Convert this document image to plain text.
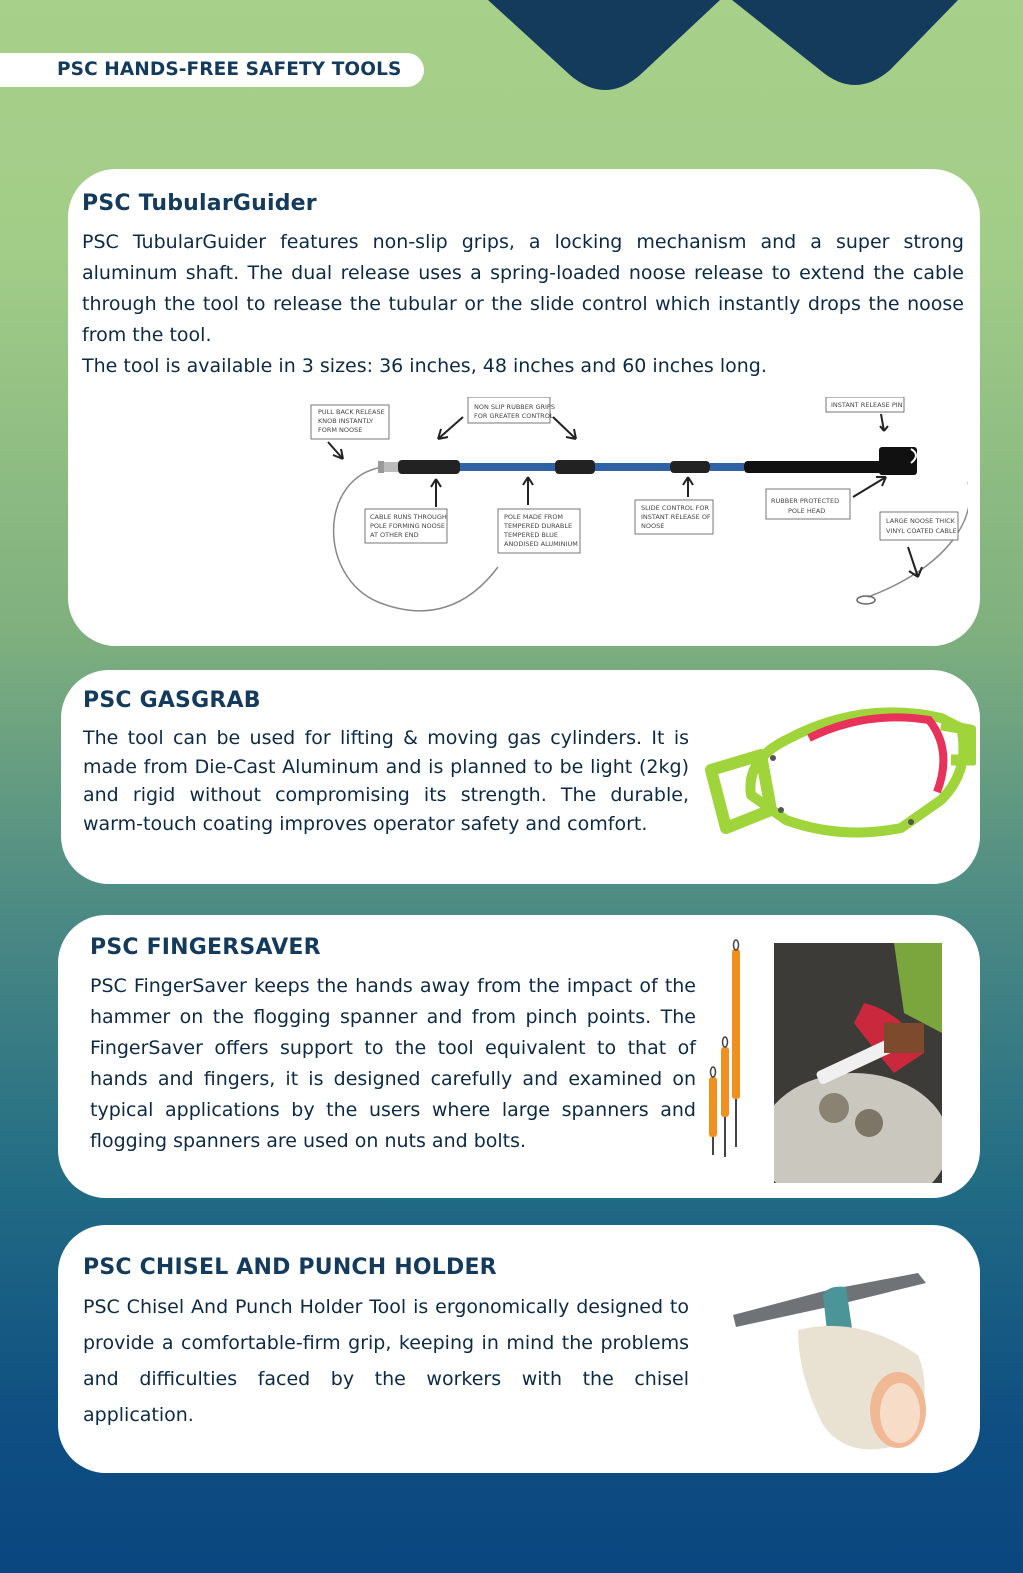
PSC HANDS-FREE SAFETY TOOLS
PSC TubularGuider

PSC TubularGuider features non-slip grips, a locking mechanism and a super strong aluminum shaft. The dual release uses a spring-loaded noose release to extend the cable through the tool to release the tubular or the slide control which instantly drops the noose from the tool.
The tool is available in 3 sizes: 36 inches, 48 inches and 60 inches long.

PULL BACK RELEASE
KNOB INSTANTLY
FORM NOOSE
NON SLIP RUBBER GRIPS
FOR GREATER CONTROL
INSTANT RELEASE PIN
CABLE RUNS THROUGH
POLE FORMING NOOSE
AT OTHER END
POLE MADE FROM
TEMPERED DURABLE
TEMPERED BLUE
ANODISED ALUMINIUM
SLIDE CONTROL FOR
INSTANT RELEASE OF
NOOSE
RUBBER PROTECTED
POLE HEAD
LARGE NOOSE THICK
VINYL COATED CABLE
PSC GASGRAB

The tool can be used for lifting & moving gas cylinders. It is made from Die-Cast Aluminum and is planned to be light (2kg) and rigid without compromising its strength. The durable, warm-touch coating improves operator safety and comfort.

PSC FINGERSAVER

PSC FingerSaver keeps the hands away from the impact of the hammer on the flogging spanner and from pinch points. The FingerSaver offers support to the tool equivalent to that of hands and fingers, it is designed carefully and examined on typical applications by the users where large spanners and flogging spanners are used on nuts and bolts.

PSC CHISEL AND PUNCH HOLDER

PSC Chisel And Punch Holder Tool is ergonomically designed to provide a comfortable-firm grip, keeping in mind the problems and difficulties faced by the workers with the chisel application.
